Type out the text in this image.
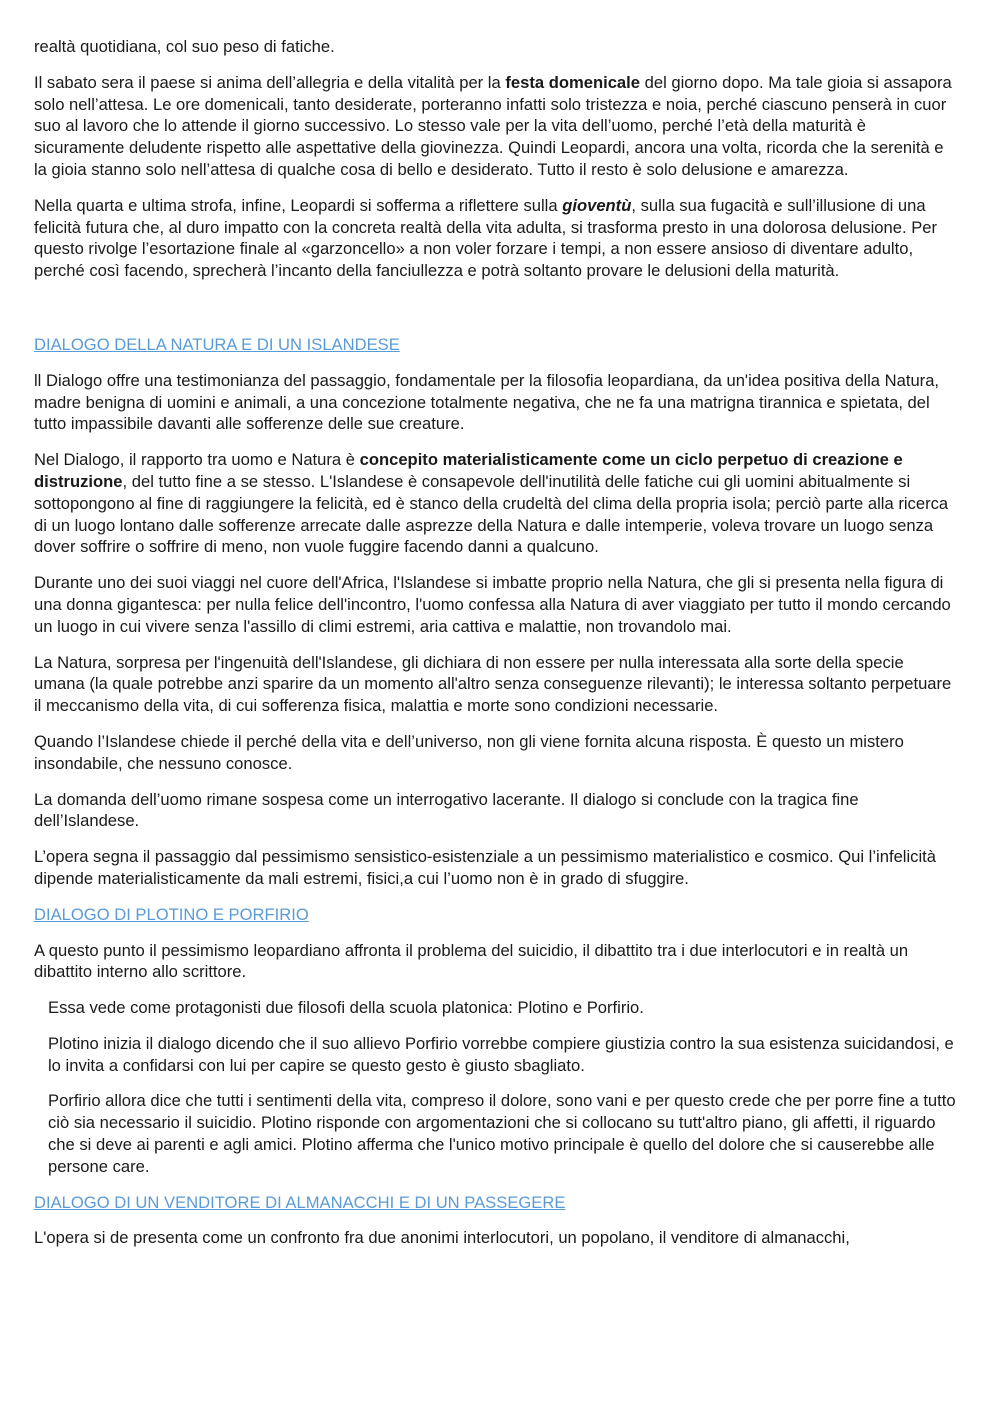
realtà quotidiana, col suo peso di fatiche.

Il sabato sera il paese si anima dell’allegria e della vitalità per la festa domenicale del giorno dopo. Ma tale gioia si assapora solo nell’attesa. Le ore domenicali, tanto desiderate, porteranno infatti solo tristezza e noia, perché ciascuno penserà in cuor suo al lavoro che lo attende il giorno successivo. Lo stesso vale per la vita dell’uomo, perché l’età della maturità è sicuramente deludente rispetto alle aspettative della giovinezza. Quindi Leopardi, ancora una volta, ricorda che la serenità e la gioia stanno solo nell’attesa di qualche cosa di bello e desiderato. Tutto il resto è solo delusione e amarezza.

Nella quarta e ultima strofa, infine, Leopardi si sofferma a riflettere sulla gioventù, sulla sua fugacità e sull’illusione di una felicità futura che, al duro impatto con la concreta realtà della vita adulta, si trasforma presto in una dolorosa delusione. Per questo rivolge l’esortazione finale al «garzoncello» a non voler forzare i tempi, a non essere ansioso di diventare adulto, perché così facendo, sprecherà l’incanto della fanciullezza e potrà soltanto provare le delusioni della maturità.

DIALOGO DELLA NATURA E DI UN ISLANDESE

ll Dialogo offre una testimonianza del passaggio, fondamentale per la filosofia leopardiana, da un'idea positiva della Natura, madre benigna di uomini e animali, a una concezione totalmente negativa, che ne fa una matrigna tirannica e spietata, del tutto impassibile davanti alle sofferenze delle sue creature.

Nel Dialogo, il rapporto tra uomo e Natura è concepito materialisticamente come un ciclo perpetuo di creazione e distruzione, del tutto fine a se stesso. L'Islandese è consapevole dell'inutilità delle fatiche cui gli uomini abitualmente si sottopongono al fine di raggiungere la felicità, ed è stanco della crudeltà del clima della propria isola; perciò parte alla ricerca di un luogo lontano dalle sofferenze arrecate dalle asprezze della Natura e dalle intemperie, voleva trovare un luogo senza dover soffrire o soffrire di meno, non vuole fuggire facendo danni a qualcuno.

Durante uno dei suoi viaggi nel cuore dell'Africa, l'Islandese si imbatte proprio nella Natura, che gli si presenta nella figura di una donna gigantesca: per nulla felice dell'incontro, l'uomo confessa alla Natura di aver viaggiato per tutto il mondo cercando un luogo in cui vivere senza l'assillo di climi estremi, aria cattiva e malattie, non trovandolo mai.

La Natura, sorpresa per l'ingenuità dell'Islandese, gli dichiara di non essere per nulla interessata alla sorte della specie umana (la quale potrebbe anzi sparire da un momento all'altro senza conseguenze rilevanti); le interessa soltanto perpetuare il meccanismo della vita, di cui sofferenza fisica, malattia e morte sono condizioni necessarie.

Quando l’Islandese chiede il perché della vita e dell’universo, non gli viene fornita alcuna risposta. È questo un mistero insondabile, che nessuno conosce.

La domanda dell’uomo rimane sospesa come un interrogativo lacerante. Il dialogo si conclude con la tragica fine dell’Islandese.

L’opera segna il passaggio dal pessimismo sensistico-esistenziale a un pessimismo materialistico e cosmico. Qui l’infelicità dipende materialisticamente da mali estremi, fisici,a cui l’uomo non è in grado di sfuggire.

DIALOGO DI PLOTINO E PORFIRIO

A questo punto il pessimismo leopardiano affronta il problema del suicidio, il dibattito tra i due interlocutori e in realtà un dibattito interno allo scrittore.

Essa vede come protagonisti due filosofi della scuola platonica: Plotino e Porfirio.

Plotino inizia il dialogo dicendo che il suo allievo Porfirio vorrebbe compiere giustizia contro la sua esistenza suicidandosi, e lo invita a confidarsi con lui per capire se questo gesto è giusto sbagliato.

Porfirio allora dice che tutti i sentimenti della vita, compreso il dolore, sono vani e per questo crede che per porre fine a tutto ciò sia necessario il suicidio. Plotino risponde con argomentazioni che si collocano su tutt'altro piano, gli affetti, il riguardo che si deve ai parenti e agli amici. Plotino afferma che l'unico motivo principale è quello del dolore che si causerebbe alle persone care.

DIALOGO DI UN VENDITORE DI ALMANACCHI E DI UN PASSEGERE

L'opera si de presenta come un confronto fra due anonimi interlocutori, un popolano, il venditore di almanacchi,
